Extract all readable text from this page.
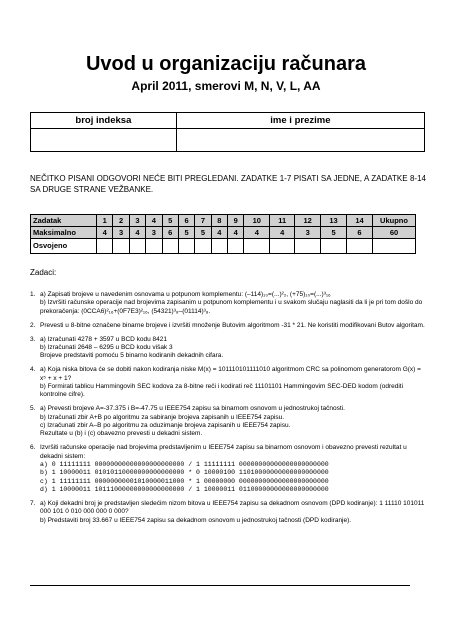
Uvod u organizaciju računara
April 2011, smerovi M, N, V, L, AA
broj indeksa	ime i prezime

NEČITKO PISANI ODGOVORI NEĆE BITI PREGLEDANI. ZADATKE 1-7 PISATI SA JEDNE, A ZADATKE 8-14 SA DRUGE STRANE VEŽBANKE.
Zadatak	1	2	3	4	5	6	7	8	9	10	11	12	13	14	Ukupno
Maksimalno	4	3	4	3	6	5	5	4	4	4	4	3	5	6	60
Osvojeno															
Zadaci:
1. a) Zapisati brojeve u navedenim osnovama u potpunom komplementu: (–114)₁₀=(...)²₂, (+75)₁₀=(...)³₁₆

b) Izvršiti računske operacije nad brojevima zapisanim u potpunom komplementu i u svakom slučaju naglasiti da li je pri tom došlo do prekoračenja: (0CCA6)²₁₆+(0F7E3)²₁₆, (54321)³₈–(01114)³₈.

2. Prevesti u 8-bitne označene binarne brojeve i izvršiti množenje Butovim algoritmom -31 * 21. Ne koristiti modifikovani Butov algoritam.

3. a) Izračunati 4278 + 3597 u BCD kodu 8421

b) Izračunati 2648 – 6295 u BCD kodu višak 3

Brojeve predstaviti pomoću 5 binarno kodiranih dekadnih cifara.

4. a) Koja niska bitova će se dobiti nakon kodiranja niske M(x) = 101110101111010 algoritmom CRC sa polinomom generatorom G(x) = x⁵ + x + 1?

b) Formirati tablicu Hammingovih SEC kodova za 8-bitne reči i kodirati reč 11101101 Hammingovim SEC-DED kodom (odrediti kontrolne cifre).

5. a) Prevesti brojeve A=-37.375 i B=-47.75 u IEEE754 zapisu sa binarnom osnovom u jednostrukoj tačnosti.

b) Izračunati zbir A+B po algoritmu za sabiranje brojeva zapisanih u IEEE754 zapisu.

c) Izračunati zbir A–B po algoritmu za oduzimanje brojeva zapisanih u IEEE754 zapisu.

Rezultate u (b) i (c) obavezno prevesti u dekadni sistem.

6. Izvršiti računske operacije nad brojevima predstavljenim u IEEE754 zapisu sa binarnom osnovom i obavezno prevesti rezultat u dekadni sistem:

a) 0 11111111 00000000000000000000000 / 1 11111111 00000000000000000000000

b) 1 10000011 01010110000000000000000 * 0 10000100 11010000000000000000000

c) 1 11111111 00000000001010000011000 * 1 00000000 00000000000000000000000

d) 1 10000011 10111000000000000000000 / 1 10000011 01100000000000000000000

7. a) Koji dekadni broj je predstavljen sledećim nizom bitova u IEEE754 zapisu sa dekadnom osnovom (DPD kodiranje): 1 11110 101011 000 101 0 010 000 000 0 000?

b) Predstaviti broj 33.667 u IEEE754 zapisu sa dekadnom osnovom u jednostrukoj tačnosti (DPD kodiranje).
